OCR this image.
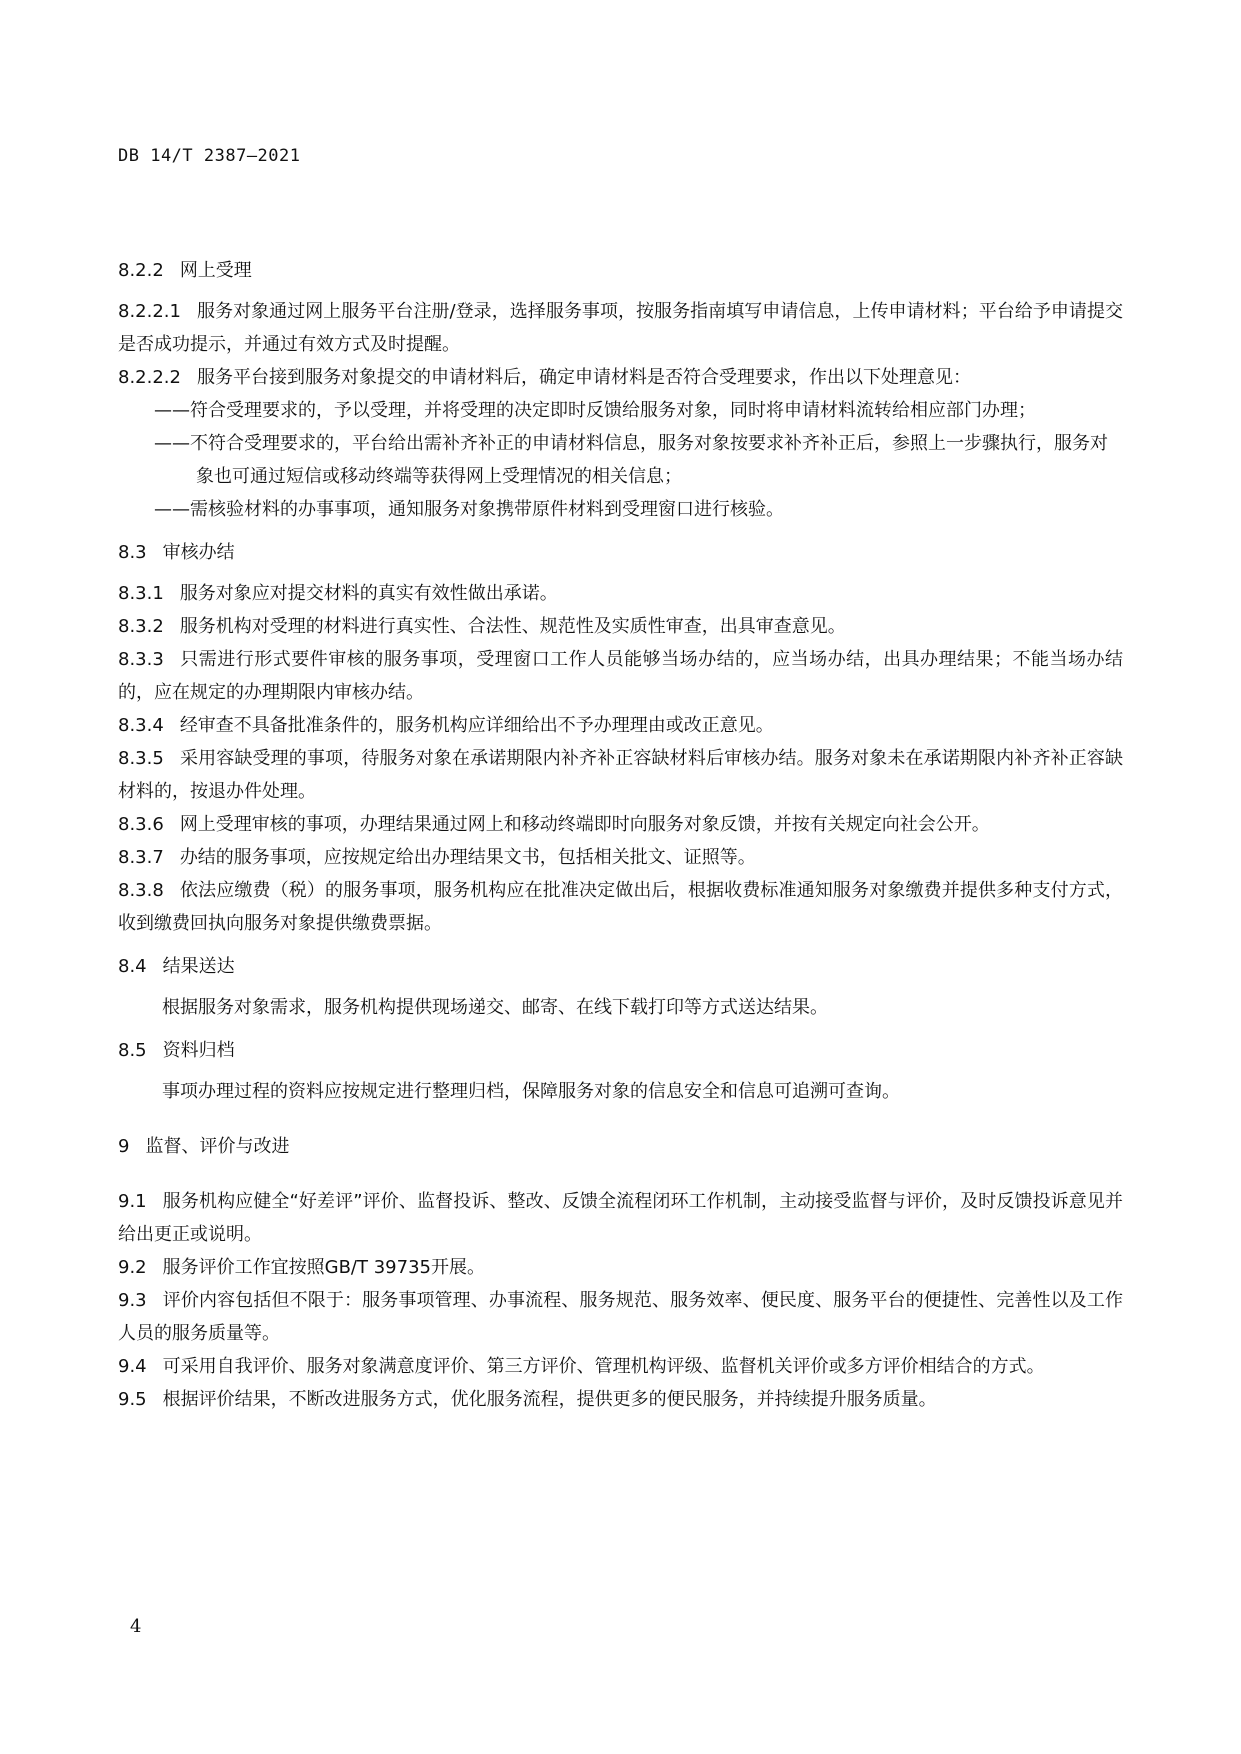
DB 14/T 2387—2021
8.2.2 网上受理

8.2.2.1 服务对象通过网上服务平台注册/登录，选择服务事项，按服务指南填写申请信息，上传申请材料；平台给予申请提交是否成功提示，并通过有效方式及时提醒。

8.2.2.2 服务平台接到服务对象提交的申请材料后，确定申请材料是否符合受理要求，作出以下处理意见：

——符合受理要求的，予以受理，并将受理的决定即时反馈给服务对象，同时将申请材料流转给相应部门办理；

——不符合受理要求的，平台给出需补齐补正的申请材料信息，服务对象按要求补齐补正后，参照上一步骤执行，服务对象也可通过短信或移动终端等获得网上受理情况的相关信息；

——需核验材料的办事事项，通知服务对象携带原件材料到受理窗口进行核验。

8.3 审核办结

8.3.1 服务对象应对提交材料的真实有效性做出承诺。

8.3.2 服务机构对受理的材料进行真实性、合法性、规范性及实质性审查，出具审查意见。

8.3.3 只需进行形式要件审核的服务事项，受理窗口工作人员能够当场办结的，应当场办结，出具办理结果；不能当场办结的，应在规定的办理期限内审核办结。

8.3.4 经审查不具备批准条件的，服务机构应详细给出不予办理理由或改正意见。

8.3.5 采用容缺受理的事项，待服务对象在承诺期限内补齐补正容缺材料后审核办结。服务对象未在承诺期限内补齐补正容缺材料的，按退办件处理。

8.3.6 网上受理审核的事项，办理结果通过网上和移动终端即时向服务对象反馈，并按有关规定向社会公开。

8.3.7 办结的服务事项，应按规定给出办理结果文书，包括相关批文、证照等。

8.3.8 依法应缴费（税）的服务事项，服务机构应在批准决定做出后，根据收费标准通知服务对象缴费并提供多种支付方式，收到缴费回执向服务对象提供缴费票据。

8.4 结果送达

根据服务对象需求，服务机构提供现场递交、邮寄、在线下载打印等方式送达结果。

8.5 资料归档

事项办理过程的资料应按规定进行整理归档，保障服务对象的信息安全和信息可追溯可查询。

9 监督、评价与改进

9.1 服务机构应健全“好差评”评价、监督投诉、整改、反馈全流程闭环工作机制，主动接受监督与评价，及时反馈投诉意见并给出更正或说明。

9.2 服务评价工作宜按照GB/T 39735开展。

9.3 评价内容包括但不限于：服务事项管理、办事流程、服务规范、服务效率、便民度、服务平台的便捷性、完善性以及工作人员的服务质量等。

9.4 可采用自我评价、服务对象满意度评价、第三方评价、管理机构评级、监督机关评价或多方评价相结合的方式。

9.5 根据评价结果，不断改进服务方式，优化服务流程，提供更多的便民服务，并持续提升服务质量。

4
